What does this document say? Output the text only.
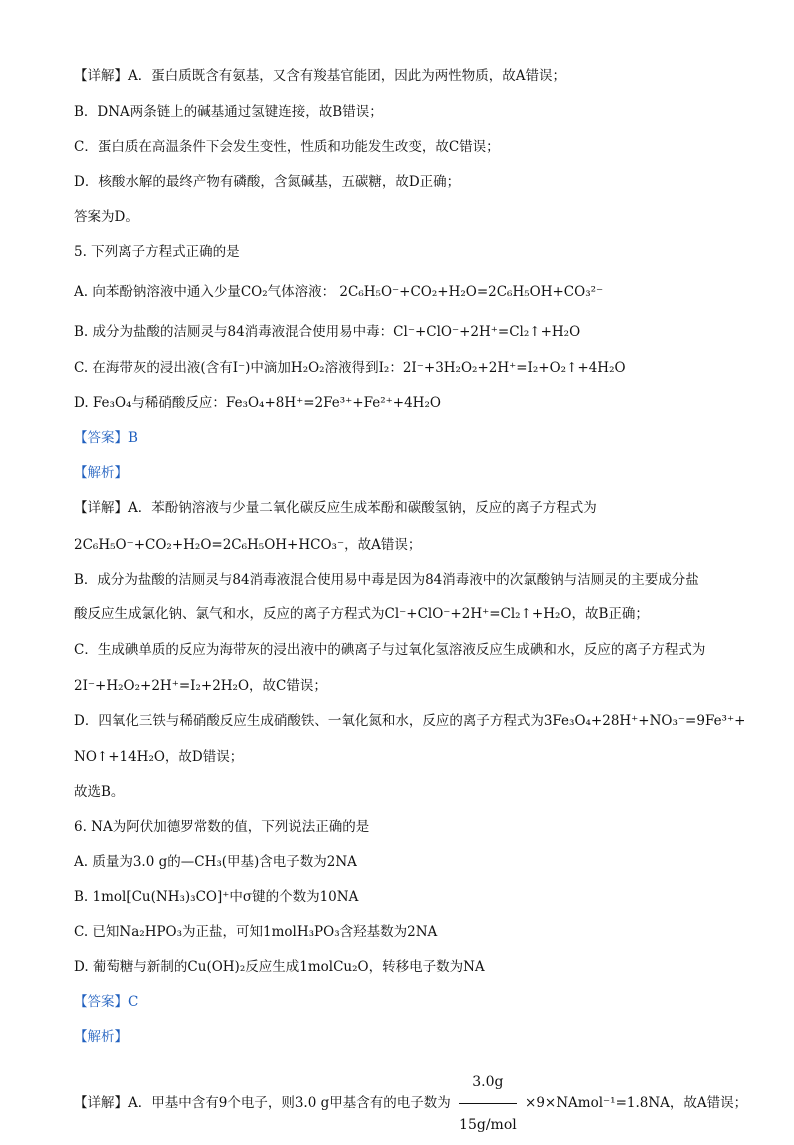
【详解】A．蛋白质既含有氨基，又含有羧基官能团，因此为两性物质，故A错误；
B．DNA两条链上的碱基通过氢键连接，故B错误；
C．蛋白质在高温条件下会发生变性，性质和功能发生改变，故C错误；
D．核酸水解的最终产物有磷酸，含氮碱基，五碳糖，故D正确；
答案为D。
5. 下列离子方程式正确的是
A. 向苯酚钠溶液中通入少量CO₂气体溶液： 2C₆H₅O⁻+CO₂+H₂O=2C₆H₅OH+CO₃²⁻
B. 成分为盐酸的洁厕灵与84消毒液混合使用易中毒：Cl⁻+ClO⁻+2H⁺=Cl₂↑+H₂O
C. 在海带灰的浸出液(含有I⁻)中滴加H₂O₂溶液得到I₂：2I⁻+3H₂O₂+2H⁺=I₂+O₂↑+4H₂O
D. Fe₃O₄与稀硝酸反应：Fe₃O₄+8H⁺=2Fe³⁺+Fe²⁺+4H₂O
【答案】B
【解析】
【详解】A．苯酚钠溶液与少量二氧化碳反应生成苯酚和碳酸氢钠，反应的离子方程式为
2C₆H₅O⁻+CO₂+H₂O=2C₆H₅OH+HCO₃⁻，故A错误；
B．成分为盐酸的洁厕灵与84消毒液混合使用易中毒是因为84消毒液中的次氯酸钠与洁厕灵的主要成分盐
酸反应生成氯化钠、氯气和水，反应的离子方程式为Cl⁻+ClO⁻+2H⁺=Cl₂↑+H₂O，故B正确；
C．生成碘单质的反应为海带灰的浸出液中的碘离子与过氧化氢溶液反应生成碘和水，反应的离子方程式为
2I⁻+H₂O₂+2H⁺=I₂+2H₂O，故C错误；
D．四氧化三铁与稀硝酸反应生成硝酸铁、一氧化氮和水，反应的离子方程式为3Fe₃O₄+28H⁺+NO₃⁻=9Fe³⁺+
NO↑+14H₂O，故D错误；
故选B。
6. NA为阿伏加德罗常数的值，下列说法正确的是
A. 质量为3.0 g的—CH₃(甲基)含电子数为2NA
B. 1mol[Cu(NH₃)₃CO]⁺中σ键的个数为10NA
C. 已知Na₂HPO₃为正盐，可知1molH₃PO₃含羟基数为2NA
D. 葡萄糖与新制的Cu(OH)₂反应生成1molCu₂O，转移电子数为NA
【答案】C
【解析】
【详解】A．甲基中含有9个电子，则3.0 g甲基含有的电子数为 $\frac{3.0g}{\text{15g/mol}}$ ×9×NAmol⁻¹=1.8NA，故A错误；
